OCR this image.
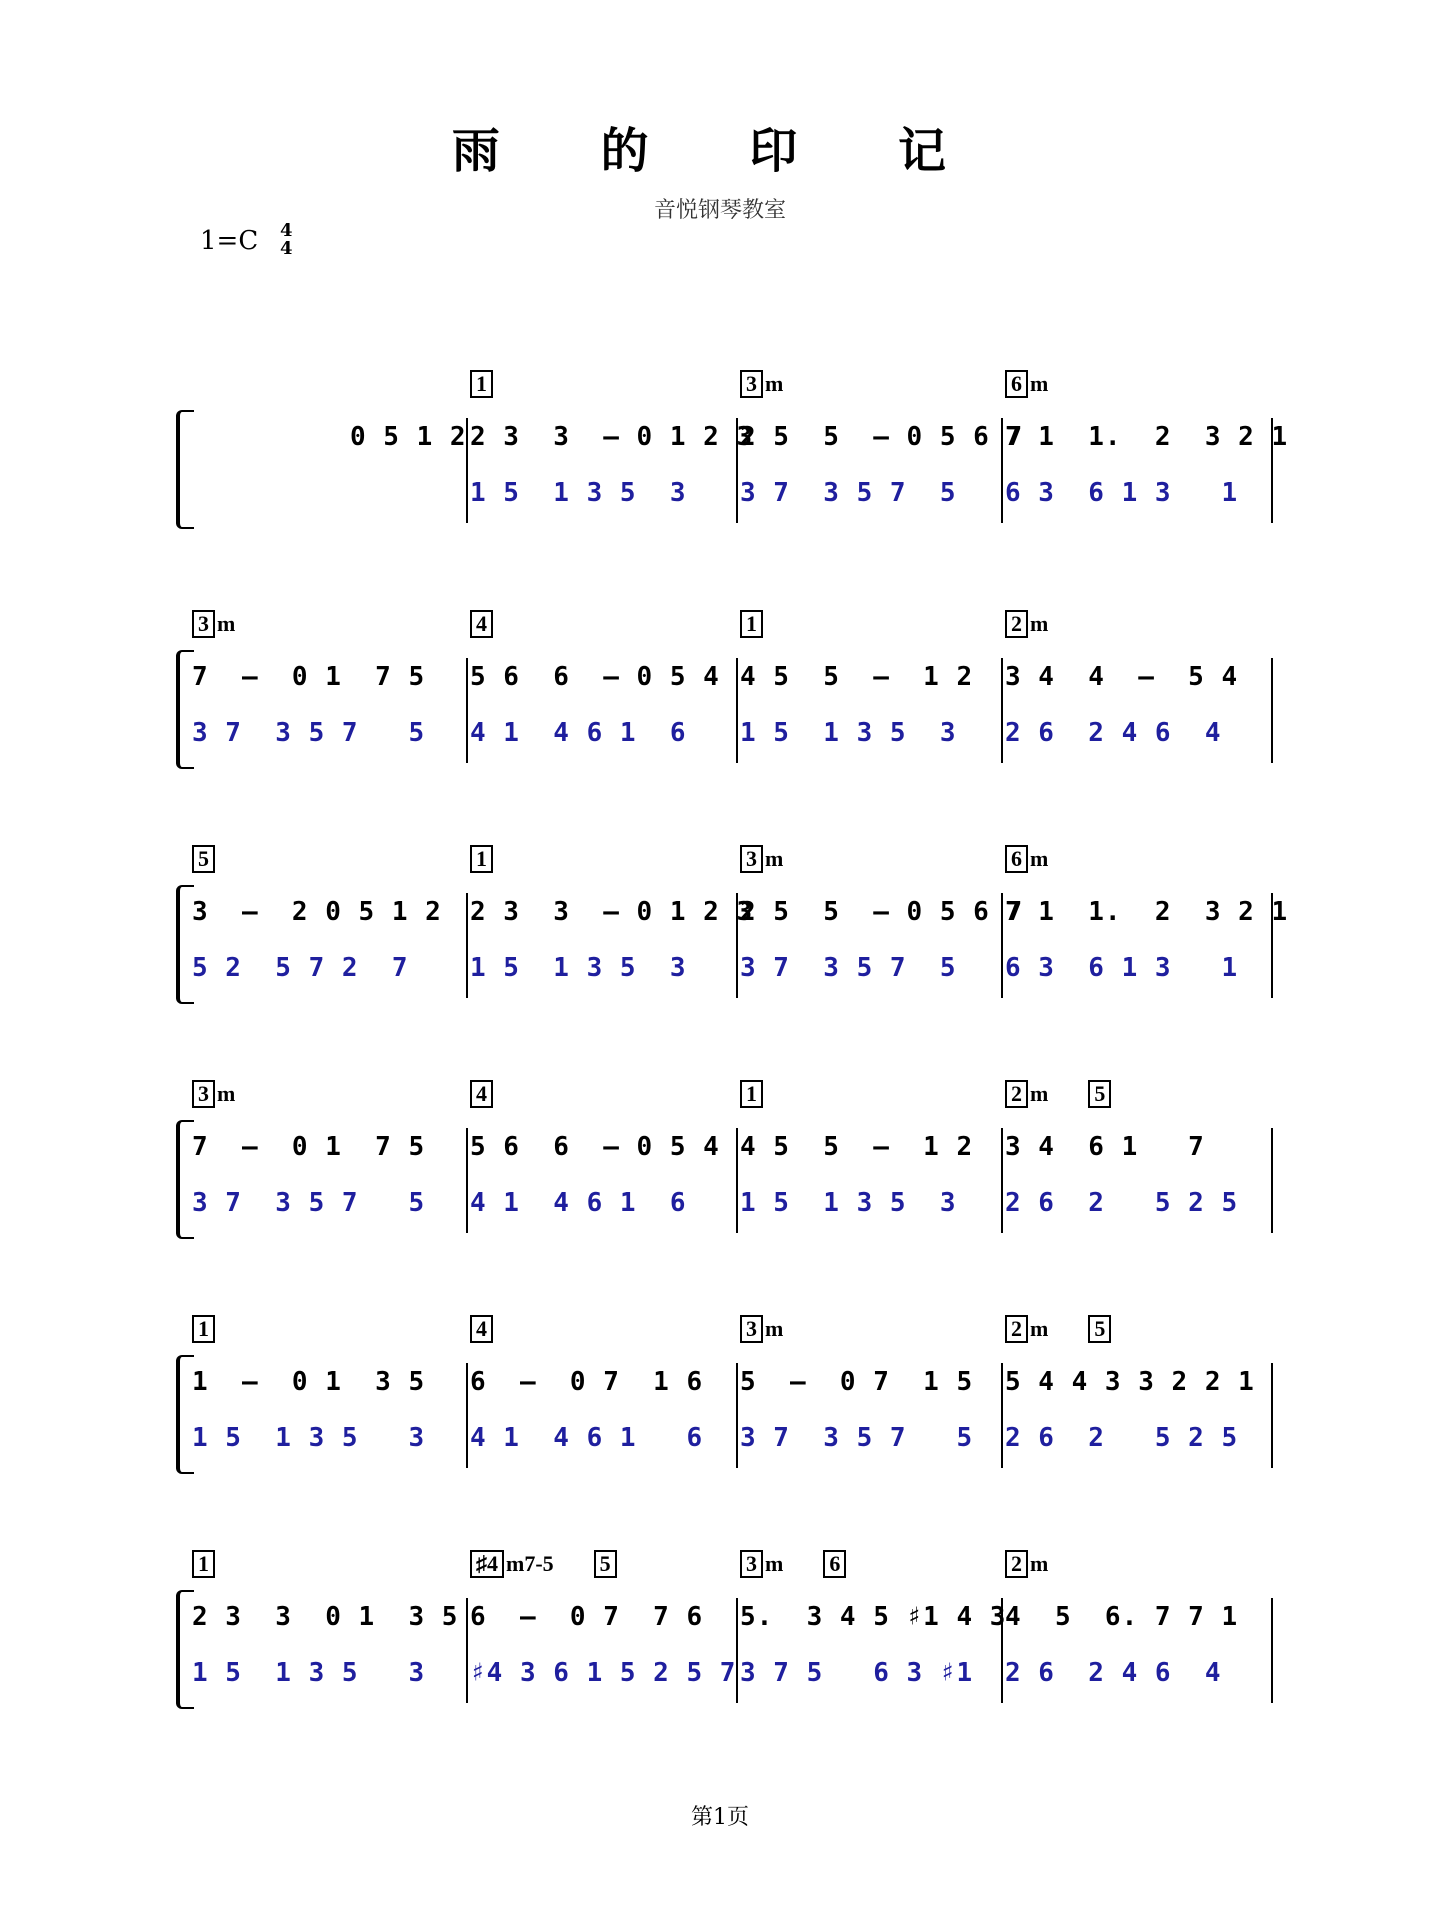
雨 的 印 记
音悦钢琴教室
1=C 4
4
0 5 1 2
1
2 3  3  – 0 1 2 3
1 5  1 3 5  3
3 m
2 5  5  – 0 5 6 7
3 7  3 5 7  5
6 m
7 1  1.  2  3 2 1
6 3  6 1 3   1
3 m
7  –  0 1  7 5
3 7  3 5 7   5
4
5 6  6  – 0 5 4
4 1  4 6 1  6
1
4 5  5  –  1 2
1 5  1 3 5  3
2 m
3 4  4  –  5 4
2 6  2 4 6  4
5
3  –  2 0 5 1 2
5 2  5 7 2  7
1
2 3  3  – 0 1 2 3
1 5  1 3 5  3
3 m
2 5  5  – 0 5 6 7
3 7  3 5 7  5
6 m
7 1  1.  2  3 2 1
6 3  6 1 3   1
3 m
7  –  0 1  7 5
3 7  3 5 7   5
4
5 6  6  – 0 5 4
4 1  4 6 1  6
1
4 5  5  –  1 2
1 5  1 3 5  3
2 m 5
3 4  6 1   7
2 6  2   5 2 5
1
1  –  0 1  3 5
1 5  1 3 5   3
4
6  –  0 7  1 6
4 1  4 6 1   6
3 m
5  –  0 7  1 5
3 7  3 5 7   5
2 m 5
5 4 4 3 3 2 2 1
2 6  2   5 2 5
1
2 3  3  0 1  3 5
1 5  1 3 5   3
♯4 m7-5 5
6  –  0 7  7 6
♯4 3 6 1 5 2 5 7
3 m 6
5.  3 4 5 ♯1 4 3
3 7 5   6 3 ♯1
2 m
4  5  6. 7 7 1
2 6  2 4 6  4
第1页
